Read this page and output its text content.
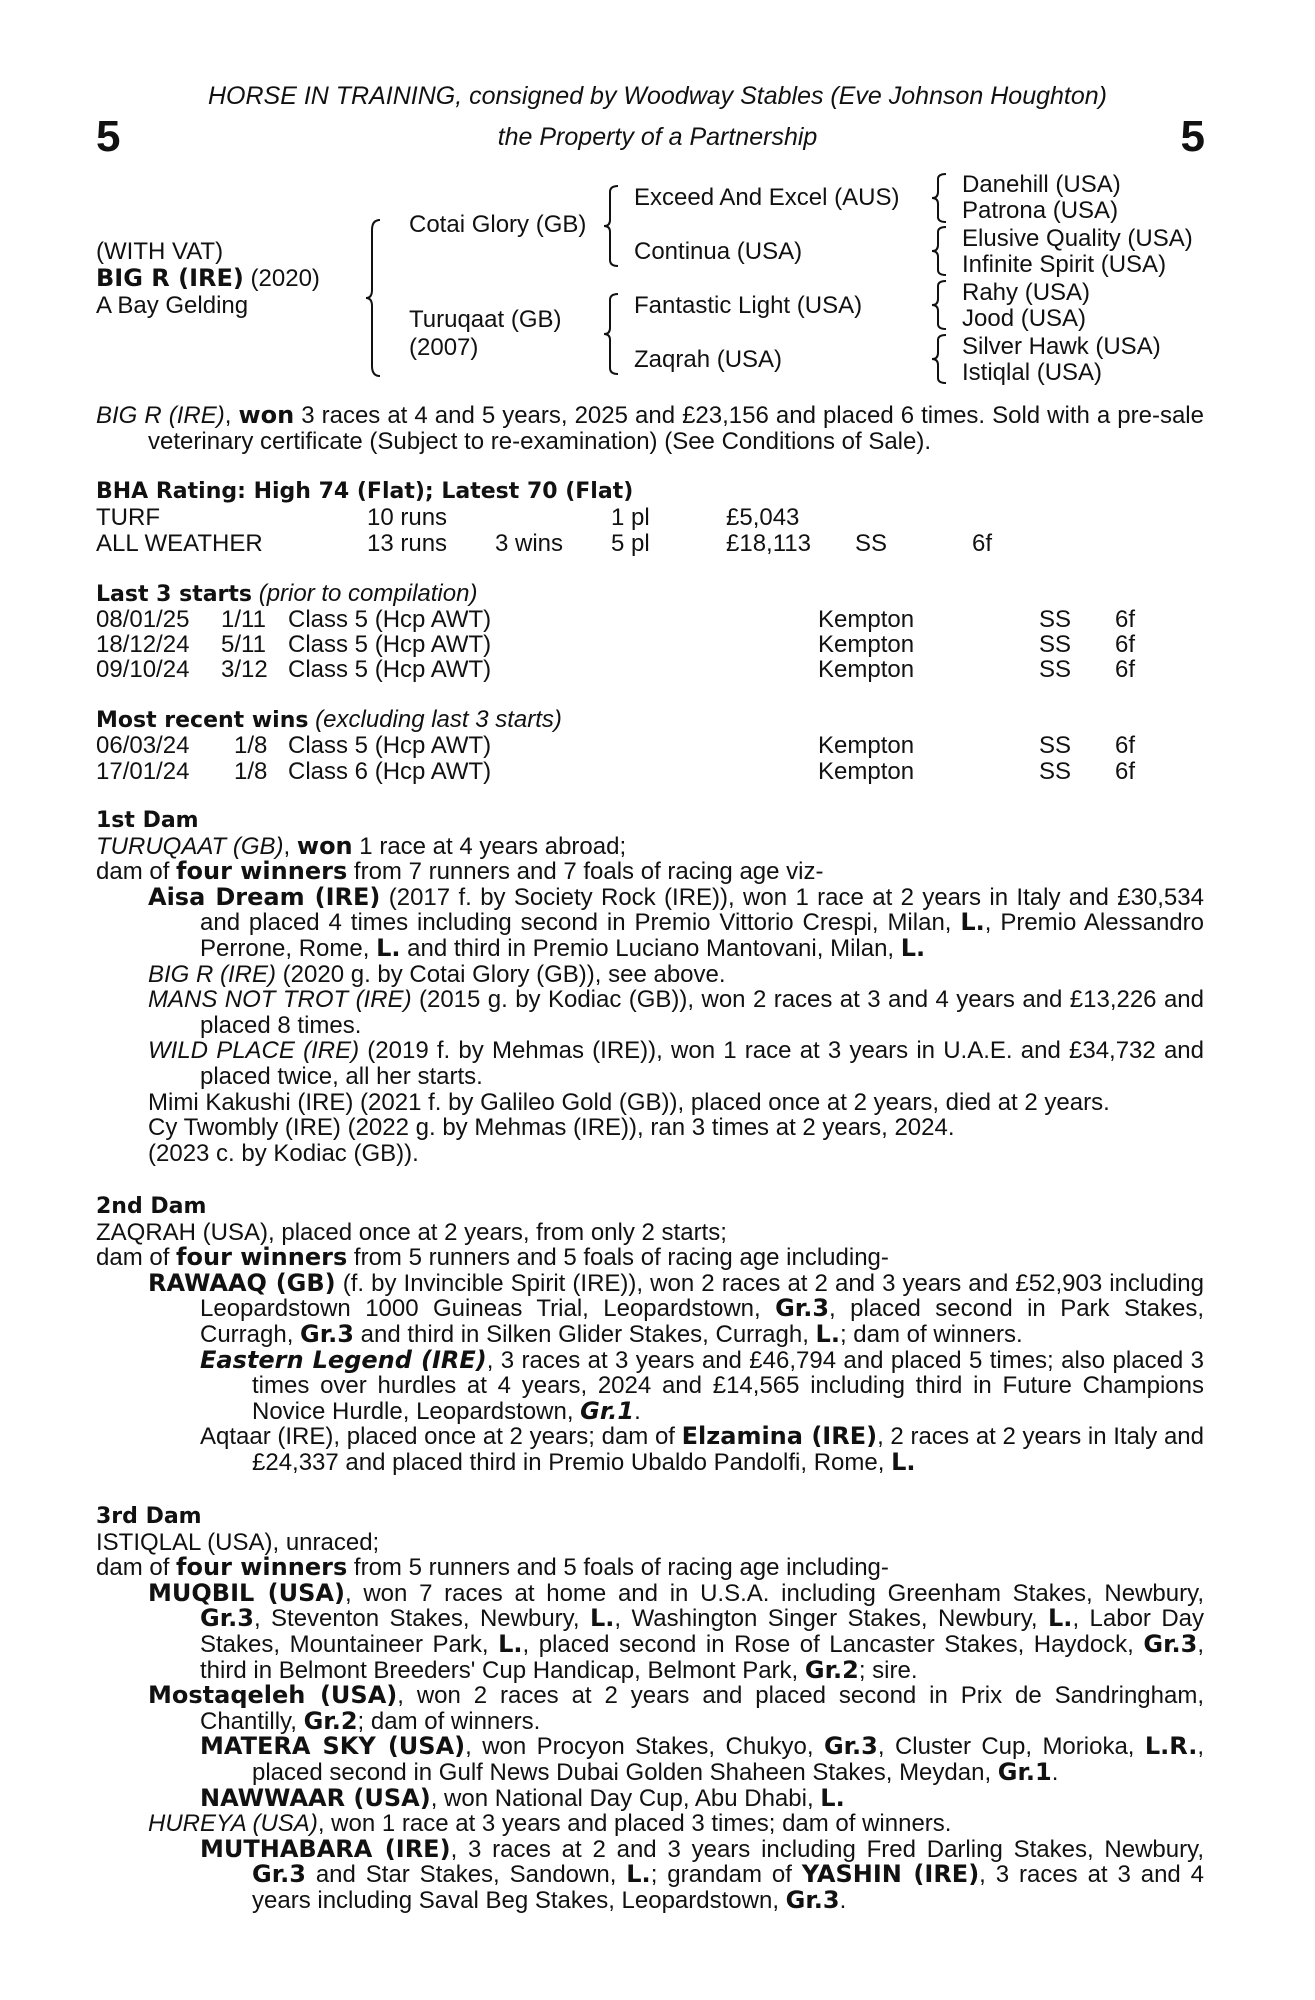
5	5
HORSE IN TRAINING, consigned by Woodway Stables (Eve Johnson Houghton)
the Property of a Partnership
(WITH VAT)
BIG R (IRE) (2020)
A Bay Gelding
Cotai Glory (GB)
Turuqaat (GB)
(2007)
Exceed And Excel (AUS)
Continua (USA)
Fantastic Light (USA)
Zaqrah (USA)
Danehill (USA)
Patrona (USA)
Elusive Quality (USA)
Infinite Spirit (USA)
Rahy (USA)
Jood (USA)
Silver Hawk (USA)
Istiqlal (USA)

BIG R (IRE), won 3 races at 4 and 5 years, 2025 and £23,156 and placed 6 times. Sold with a pre-sale veterinary certificate (Subject to re-examination) (See Conditions of Sale).

BHA Rating: High 74 (Flat); Latest 70 (Flat)
TURF	10 runs	1 pl	£5,043
ALL WEATHER	13 runs 3 wins 5 pl	£18,113 SS	6f
Last 3 starts (prior to compilation)
08/01/25 1/11 Class 5 (Hcp AWT)	Kempton	SS 6f
18/12/24 5/11 Class 5 (Hcp AWT)	Kempton	SS 6f
09/10/24 3/12 Class 5 (Hcp AWT)	Kempton	SS 6f
Most recent wins (excluding last 3 starts)
06/03/24 1/8 Class 5 (Hcp AWT)	Kempton	SS 6f
17/01/24 1/8 Class 6 (Hcp AWT)	Kempton	SS 6f

1st Dam

TURUQAAT (GB), won 1 race at 4 years abroad;

dam of four winners from 7 runners and 7 foals of racing age viz-

Aisa Dream (IRE) (2017 f. by Society Rock (IRE)), won 1 race at 2 years in Italy and £30,534 and placed 4 times including second in Premio Vittorio Crespi, Milan, L., Premio Alessandro Perrone, Rome, L. and third in Premio Luciano Mantovani, Milan, L.

BIG R (IRE) (2020 g. by Cotai Glory (GB)), see above.

MANS NOT TROT (IRE) (2015 g. by Kodiac (GB)), won 2 races at 3 and 4 years and £13,226 and placed 8 times.

WILD PLACE (IRE) (2019 f. by Mehmas (IRE)), won 1 race at 3 years in U.A.E. and £34,732 and placed twice, all her starts.

Mimi Kakushi (IRE) (2021 f. by Galileo Gold (GB)), placed once at 2 years, died at 2 years.

Cy Twombly (IRE) (2022 g. by Mehmas (IRE)), ran 3 times at 2 years, 2024.

(2023 c. by Kodiac (GB)).

2nd Dam

ZAQRAH (USA), placed once at 2 years, from only 2 starts;

dam of four winners from 5 runners and 5 foals of racing age including-

RAWAAQ (GB) (f. by Invincible Spirit (IRE)), won 2 races at 2 and 3 years and £52,903 including Leopardstown 1000 Guineas Trial, Leopardstown, Gr.3, placed second in Park Stakes, Curragh, Gr.3 and third in Silken Glider Stakes, Curragh, L.; dam of winners.

Eastern Legend (IRE), 3 races at 3 years and £46,794 and placed 5 times; also placed 3 times over hurdles at 4 years, 2024 and £14,565 including third in Future Champions Novice Hurdle, Leopardstown, Gr.1.

Aqtaar (IRE), placed once at 2 years; dam of Elzamina (IRE), 2 races at 2 years in Italy and £24,337 and placed third in Premio Ubaldo Pandolfi, Rome, L.

3rd Dam

ISTIQLAL (USA), unraced;

dam of four winners from 5 runners and 5 foals of racing age including-

MUQBIL (USA), won 7 races at home and in U.S.A. including Greenham Stakes, Newbury, Gr.3, Steventon Stakes, Newbury, L., Washington Singer Stakes, Newbury, L., Labor Day Stakes, Mountaineer Park, L., placed second in Rose of Lancaster Stakes, Haydock, Gr.3, third in Belmont Breeders' Cup Handicap, Belmont Park, Gr.2; sire.

Mostaqeleh (USA), won 2 races at 2 years and placed second in Prix de Sandringham, Chantilly, Gr.2; dam of winners.

MATERA SKY (USA), won Procyon Stakes, Chukyo, Gr.3, Cluster Cup, Morioka, L.R., placed second in Gulf News Dubai Golden Shaheen Stakes, Meydan, Gr.1.

NAWWAAR (USA), won National Day Cup, Abu Dhabi, L.

HUREYA (USA), won 1 race at 3 years and placed 3 times; dam of winners.

MUTHABARA (IRE), 3 races at 2 and 3 years including Fred Darling Stakes, Newbury, Gr.3 and Star Stakes, Sandown, L.; grandam of YASHIN (IRE), 3 races at 3 and 4 years including Saval Beg Stakes, Leopardstown, Gr.3.
